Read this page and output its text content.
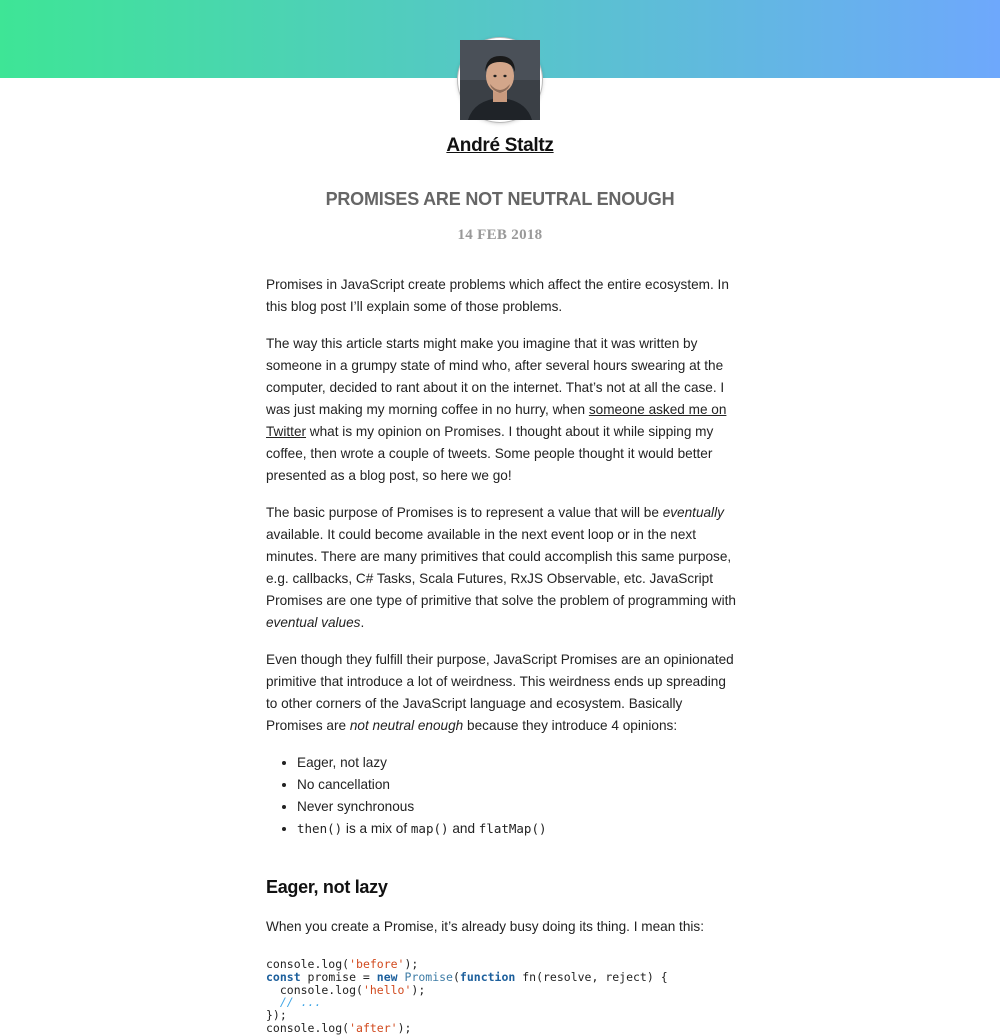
André Staltz
PROMISES ARE NOT NEUTRAL ENOUGH
14 FEB 2018

Promises in JavaScript create problems which affect the entire ecosystem. In this blog post I’ll explain some of those problems.

The way this article starts might make you imagine that it was written by someone in a grumpy state of mind who, after several hours swearing at the computer, decided to rant about it on the internet. That’s not at all the case. I was just making my morning coffee in no hurry, when someone asked me on Twitter what is my opinion on Promises. I thought about it while sipping my coffee, then wrote a couple of tweets. Some people thought it would better presented as a blog post, so here we go!

The basic purpose of Promises is to represent a value that will be eventually available. It could become available in the next event loop or in the next minutes. There are many primitives that could accomplish this same purpose, e.g. callbacks, C# Tasks, Scala Futures, RxJS Observable, etc. JavaScript Promises are one type of primitive that solve the problem of programming with eventual values.

Even though they fulfill their purpose, JavaScript Promises are an opinionated primitive that introduce a lot of weirdness. This weirdness ends up spreading to other corners of the JavaScript language and ecosystem. Basically Promises are not neutral enough because they introduce 4 opinions:

• Eager, not lazy
• No cancellation
• Never synchronous
• then() is a mix of map() and flatMap()
Eager, not lazy

When you create a Promise, it’s already busy doing its thing. I mean this:

console.log('before');
const promise = new Promise(function fn(resolve, reject) {
console.log('hello');
// ...
});
console.log('after');
